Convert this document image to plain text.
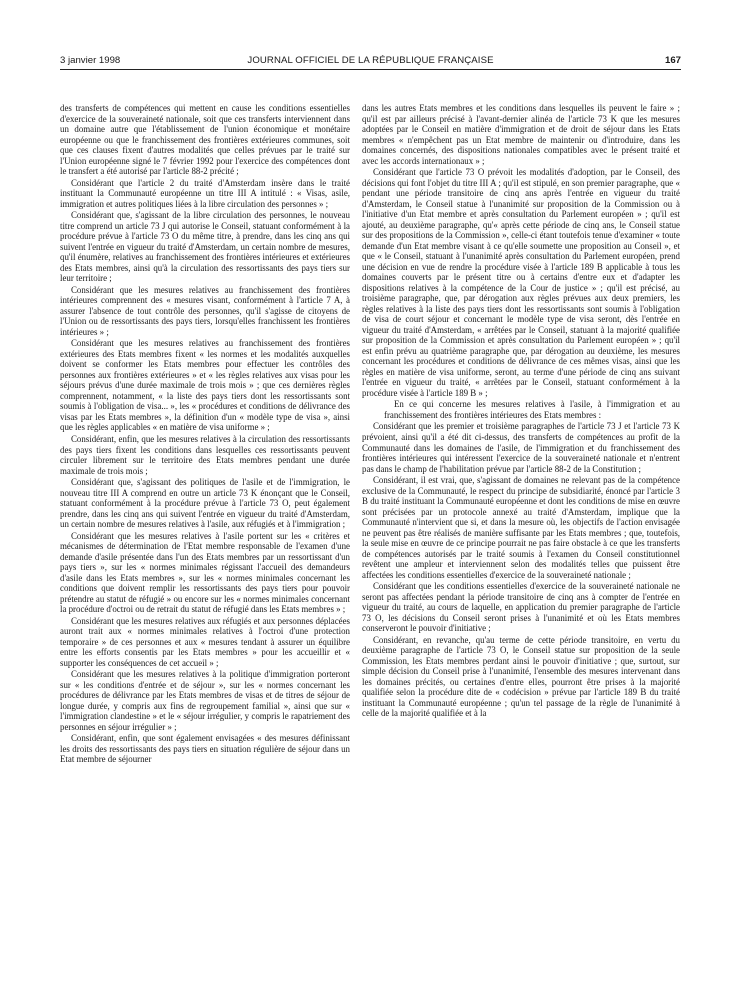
3 janvier 1998	JOURNAL OFFICIEL DE LA RÉPUBLIQUE FRANÇAISE	167

des transferts de compétences qui mettent en cause les conditions essentielles d'exercice de la souveraineté nationale, soit que ces transferts interviennent dans un domaine autre que l'établissement de l'union économique et monétaire européenne ou que le franchissement des frontières extérieures communes, soit que ces clauses fixent d'autres modalités que celles prévues par le traité sur l'Union européenne signé le 7 février 1992 pour l'exercice des compétences dont le transfert a été autorisé par l'article 88-2 précité ;

Considérant que l'article 2 du traité d'Amsterdam insère dans le traité instituant la Communauté européenne un titre III A intitulé : « Visas, asile, immigration et autres politiques liées à la libre circulation des personnes » ;

Considérant que, s'agissant de la libre circulation des personnes, le nouveau titre comprend un article 73 J qui autorise le Conseil, statuant conformément à la procédure prévue à l'article 73 O du même titre, à prendre, dans les cinq ans qui suivent l'entrée en vigueur du traité d'Amsterdam, un certain nombre de mesures, qu'il énumère, relatives au franchissement des frontières intérieures et extérieures des Etats membres, ainsi qu'à la circulation des ressortissants des pays tiers sur leur territoire ;

Considérant que les mesures relatives au franchissement des frontières intérieures comprennent des « mesures visant, conformément à l'article 7 A, à assurer l'absence de tout contrôle des personnes, qu'il s'agisse de citoyens de l'Union ou de ressortissants des pays tiers, lorsqu'elles franchissent les frontières intérieures » ;

Considérant que les mesures relatives au franchissement des frontières extérieures des Etats membres fixent « les normes et les modalités auxquelles doivent se conformer les Etats membres pour effectuer les contrôles des personnes aux frontières extérieures » et « les règles relatives aux visas pour les séjours prévus d'une durée maximale de trois mois » ; que ces dernières règles comprennent, notamment, « la liste des pays tiers dont les ressortissants sont soumis à l'obligation de visa... », les « procédures et conditions de délivrance des visas par les Etats membres », la définition d'un « modèle type de visa », ainsi que les règles applicables « en matière de visa uniforme » ;

Considérant, enfin, que les mesures relatives à la circulation des ressortissants des pays tiers fixent les conditions dans lesquelles ces ressortissants peuvent circuler librement sur le territoire des Etats membres pendant une durée maximale de trois mois ;

Considérant que, s'agissant des politiques de l'asile et de l'immigration, le nouveau titre III A comprend en outre un article 73 K énonçant que le Conseil, statuant conformément à la procédure prévue à l'article 73 O, peut également prendre, dans les cinq ans qui suivent l'entrée en vigueur du traité d'Amsterdam, un certain nombre de mesures relatives à l'asile, aux réfugiés et à l'immigration ;

Considérant que les mesures relatives à l'asile portent sur les « critères et mécanismes de détermination de l'Etat membre responsable de l'examen d'une demande d'asile présentée dans l'un des Etats membres par un ressortissant d'un pays tiers », sur les « normes minimales régissant l'accueil des demandeurs d'asile dans les Etats membres », sur les « normes minimales concernant les conditions que doivent remplir les ressortissants des pays tiers pour pouvoir prétendre au statut de réfugié » ou encore sur les « normes minimales concernant la procédure d'octroi ou de retrait du statut de réfugié dans les Etats membres » ;

Considérant que les mesures relatives aux réfugiés et aux personnes déplacées auront trait aux « normes minimales relatives à l'octroi d'une protection temporaire » de ces personnes et aux « mesures tendant à assurer un équilibre entre les efforts consentis par les Etats membres » pour les accueillir et « supporter les conséquences de cet accueil » ;

Considérant que les mesures relatives à la politique d'immigration porteront sur « les conditions d'entrée et de séjour », sur les « normes concernant les procédures de délivrance par les Etats membres de visas et de titres de séjour de longue durée, y compris aux fins de regroupement familial », ainsi que sur « l'immigration clandestine » et le « séjour irrégulier, y compris le rapatriement des personnes en séjour irrégulier » ;

Considérant, enfin, que sont également envisagées « des mesures définissant les droits des ressortissants des pays tiers en situation régulière de séjour dans un Etat membre de séjourner

dans les autres Etats membres et les conditions dans lesquelles ils peuvent le faire » ; qu'il est par ailleurs précisé à l'avant-dernier alinéa de l'article 73 K que les mesures adoptées par le Conseil en matière d'immigration et de droit de séjour dans les Etats membres « n'empêchent pas un Etat membre de maintenir ou d'introduire, dans les domaines concernés, des dispositions nationales compatibles avec le présent traité et avec les accords internationaux » ;

Considérant que l'article 73 O prévoit les modalités d'adoption, par le Conseil, des décisions qui font l'objet du titre III A ; qu'il est stipulé, en son premier paragraphe, que « pendant une période transitoire de cinq ans après l'entrée en vigueur du traité d'Amsterdam, le Conseil statue à l'unanimité sur proposition de la Commission ou à l'initiative d'un Etat membre et après consultation du Parlement européen » ; qu'il est ajouté, au deuxième paragraphe, qu'« après cette période de cinq ans, le Conseil statue sur des propositions de la Commission », celle-ci étant toutefois tenue d'examiner « toute demande d'un Etat membre visant à ce qu'elle soumette une proposition au Conseil », et que « le Conseil, statuant à l'unanimité après consultation du Parlement européen, prend une décision en vue de rendre la procédure visée à l'article 189 B applicable à tous les domaines couverts par le présent titre ou à certains d'entre eux et d'adapter les dispositions relatives à la compétence de la Cour de justice » ; qu'il est précisé, au troisième paragraphe, que, par dérogation aux règles prévues aux deux premiers, les règles relatives à la liste des pays tiers dont les ressortissants sont soumis à l'obligation de visa de court séjour et concernant le modèle type de visa seront, dès l'entrée en vigueur du traité d'Amsterdam, « arrêtées par le Conseil, statuant à la majorité qualifiée sur proposition de la Commission et après consultation du Parlement européen » ; qu'il est enfin prévu au quatrième paragraphe que, par dérogation au deuxième, les mesures concernant les procédures et conditions de délivrance de ces mêmes visas, ainsi que les règles en matière de visa uniforme, seront, au terme d'une période de cinq ans suivant l'entrée en vigueur du traité, « arrêtées par le Conseil, statuant conformément à la procédure visée à l'article 189 B » ;

En ce qui concerne les mesures relatives à l'asile, à l'immigration et au franchissement des frontières intérieures des Etats membres :

Considérant que les premier et troisième paragraphes de l'article 73 J et l'article 73 K prévoient, ainsi qu'il a été dit ci-dessus, des transferts de compétences au profit de la Communauté dans les domaines de l'asile, de l'immigration et du franchissement des frontières intérieures qui intéressent l'exercice de la souveraineté nationale et n'entrent pas dans le champ de l'habilitation prévue par l'article 88-2 de la Constitution ;

Considérant, il est vrai, que, s'agissant de domaines ne relevant pas de la compétence exclusive de la Communauté, le respect du principe de subsidiarité, énoncé par l'article 3 B du traité instituant la Communauté européenne et dont les conditions de mise en œuvre sont précisées par un protocole annexé au traité d'Amsterdam, implique que la Communauté n'intervient que si, et dans la mesure où, les objectifs de l'action envisagée ne peuvent pas être réalisés de manière suffisante par les Etats membres ; que, toutefois, la seule mise en œuvre de ce principe pourrait ne pas faire obstacle à ce que les transferts de compétences autorisés par le traité soumis à l'examen du Conseil constitutionnel revêtent une ampleur et interviennent selon des modalités telles que puissent être affectées les conditions essentielles d'exercice de la souveraineté nationale ;

Considérant que les conditions essentielles d'exercice de la souveraineté nationale ne seront pas affectées pendant la période transitoire de cinq ans à compter de l'entrée en vigueur du traité, au cours de laquelle, en application du premier paragraphe de l'article 73 O, les décisions du Conseil seront prises à l'unanimité et où les Etats membres conserveront le pouvoir d'initiative ;

Considérant, en revanche, qu'au terme de cette période transitoire, en vertu du deuxième paragraphe de l'article 73 O, le Conseil statue sur proposition de la seule Commission, les Etats membres perdant ainsi le pouvoir d'initiative ; que, surtout, sur simple décision du Conseil prise à l'unanimité, l'ensemble des mesures intervenant dans les domaines précités, ou certaines d'entre elles, pourront être prises à la majorité qualifiée selon la procédure dite de « codécision » prévue par l'article 189 B du traité instituant la Communauté européenne ; qu'un tel passage de la règle de l'unanimité à celle de la majorité qualifiée et à la
